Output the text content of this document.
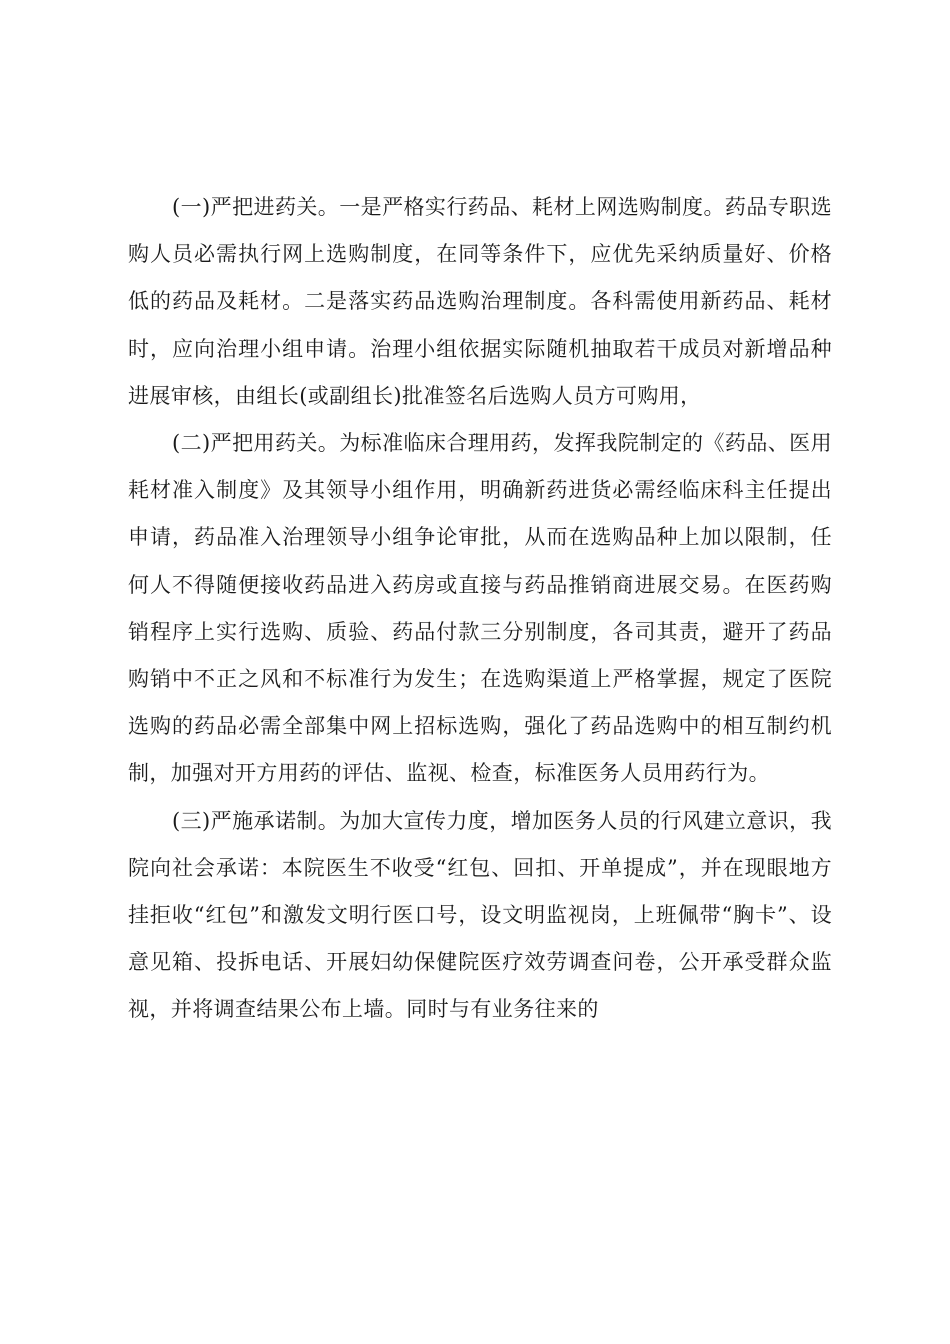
(一)严把进药关。一是严格实行药品、耗材上网选购制度。药品专职选购人员必需执行网上选购制度，在同等条件下，应优先采纳质量好、价格低的药品及耗材。二是落实药品选购治理制度。各科需使用新药品、耗材时，应向治理小组申请。治理小组依据实际随机抽取若干成员对新增品种进展审核，由组长(或副组长)批准签名后选购人员方可购用，

(二)严把用药关。为标准临床合理用药，发挥我院制定的《药品、医用耗材准入制度》及其领导小组作用，明确新药进货必需经临床科主任提出申请，药品准入治理领导小组争论审批，从而在选购品种上加以限制，任何人不得随便接收药品进入药房或直接与药品推销商进展交易。在医药购销程序上实行选购、质验、药品付款三分别制度，各司其责，避开了药品购销中不正之风和不标准行为发生；在选购渠道上严格掌握，规定了医院选购的药品必需全部集中网上招标选购，强化了药品选购中的相互制约机制，加强对开方用药的评估、监视、检查，标准医务人员用药行为。

(三)严施承诺制。为加大宣传力度，增加医务人员的行风建立意识，我院向社会承诺：本院医生不收受“红包、回扣、开单提成”，并在现眼地方挂拒收“红包”和激发文明行医口号，设文明监视岗，上班佩带“胸卡”、设意见箱、投拆电话、开展妇幼保健院医疗效劳调查问卷，公开承受群众监视，并将调查结果公布上墙。同时与有业务往来的
